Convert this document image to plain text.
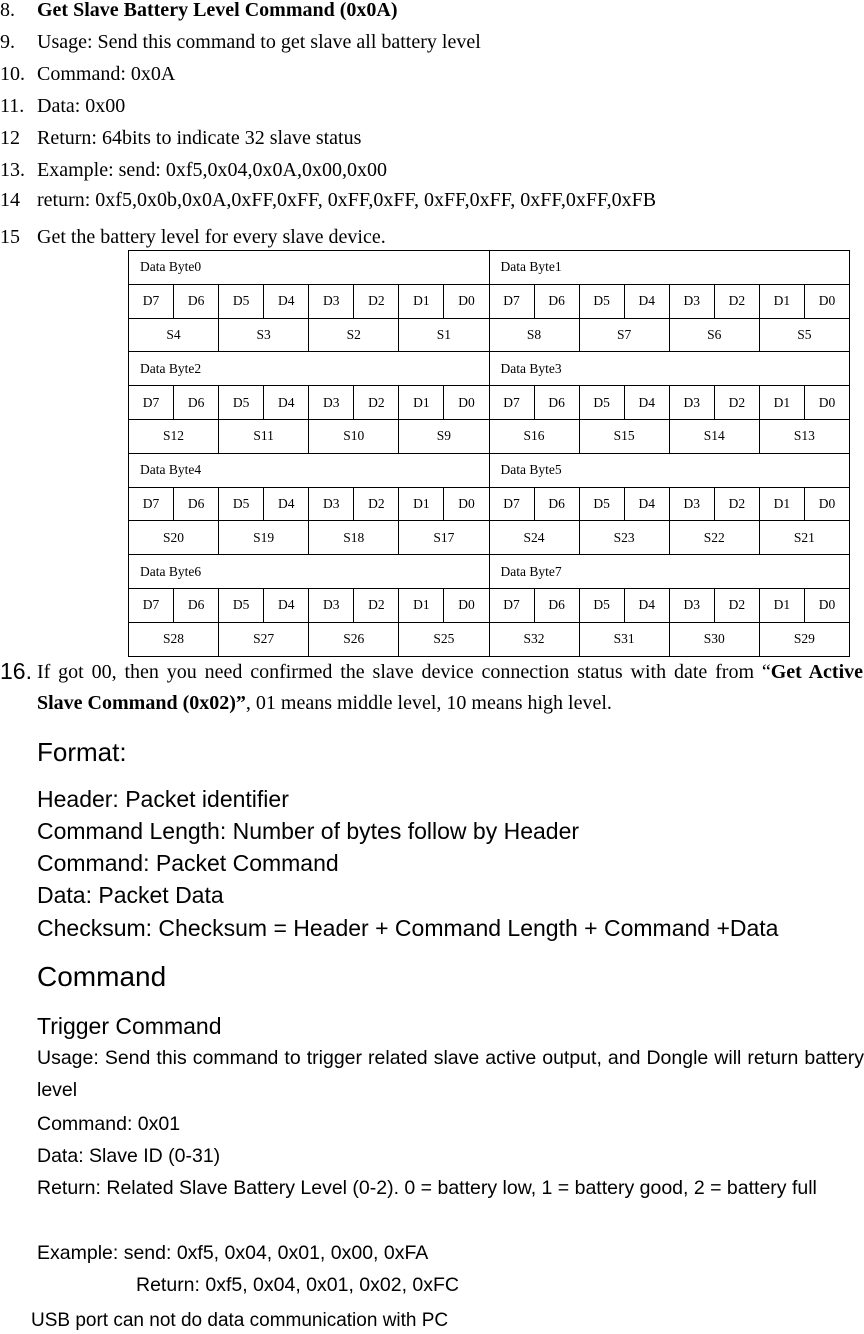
8. Get Slave Battery Level Command (0x0A)
9. Usage: Send this command to get slave all battery level
10. Command: 0x0A
11. Data: 0x00
12 Return: 64bits to indicate 32 slave status
13. Example: send: 0xf5,0x04,0x0A,0x00,0x00
14 return: 0xf5,0x0b,0x0A,0xFF,0xFF, 0xFF,0xFF, 0xFF,0xFF, 0xFF,0xFF,0xFB
15 Get the battery level for every slave device.
Data Byte0								Data Byte1							
D7	D6	D5	D4	D3	D2	D1	D0	D7	D6	D5	D4	D3	D2	D1	D0
S4		S3		S2		S1		S8		S7		S6		S5	
Data Byte2								Data Byte3							
D7	D6	D5	D4	D3	D2	D1	D0	D7	D6	D5	D4	D3	D2	D1	D0
S12		S11		S10		S9		S16		S15		S14		S13	
Data Byte4								Data Byte5							
D7	D6	D5	D4	D3	D2	D1	D0	D7	D6	D5	D4	D3	D2	D1	D0
S20		S19		S18		S17		S24		S23		S22		S21	
Data Byte6								Data Byte7							
D7	D6	D5	D4	D3	D2	D1	D0	D7	D6	D5	D4	D3	D2	D1	D0
S28		S27		S26		S25		S32		S31		S30		S29	
16. If got 00, then you need confirmed the slave device connection status with date from “Get Active Slave Command (0x02)”, 01 means middle level, 10 means high level.
Format:
Header: Packet identifier
Command Length: Number of bytes follow by Header
Command: Packet Command
Data: Packet Data
Checksum: Checksum = Header + Command Length + Command +Data
Command
Trigger Command
Usage: Send this command to trigger related slave active output, and Dongle will return battery level
Command: 0x01
Data: Slave ID (0-31)
Return: Related Slave Battery Level (0-2). 0 = battery low, 1 = battery good, 2 = battery full
Example: send: 0xf5, 0x04, 0x01, 0x00, 0xFA
Return: 0xf5, 0x04, 0x01, 0x02, 0xFC
USB port can not do data communication with PC
